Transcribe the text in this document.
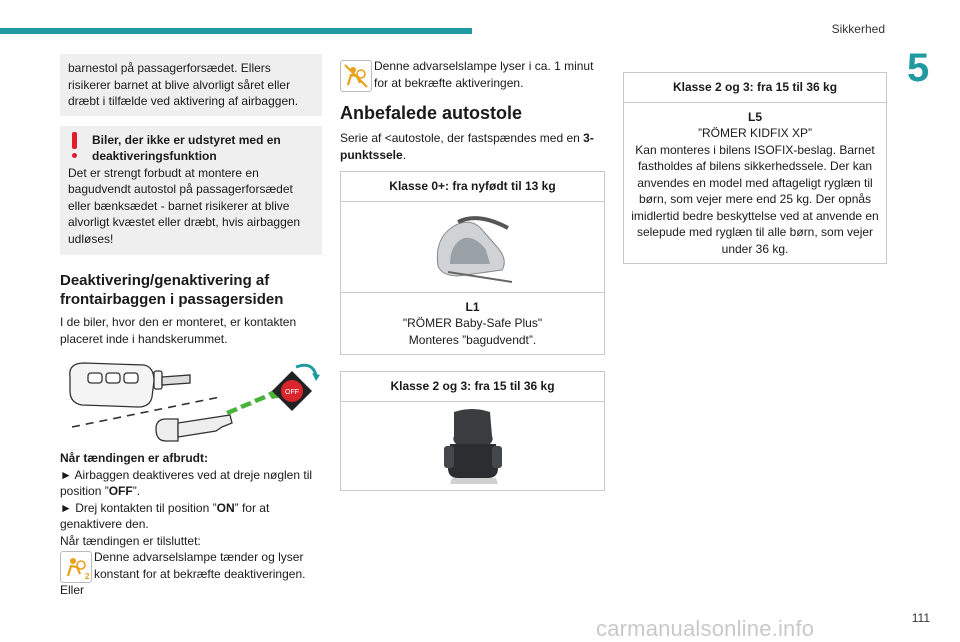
Sikkerhed
5
barnestol på passagerforsædet. Ellers risikerer barnet at blive alvorligt såret eller dræbt i tilfælde ved aktivering af airbaggen.
Biler, der ikke er udstyret med en deaktiveringsfunktion
Det er strengt forbudt at montere en bagudvendt autostol på passagerforsædet eller bænksædet - barnet risikerer at blive alvorligt kvæstet eller dræbt, hvis airbaggen udløses!
Deaktivering/genaktivering af frontairbaggen i passagersiden
I de biler, hvor den er monteret, er kontakten placeret inde i handskerummet.
OFF
Når tændingen er afbrudt:
► Airbaggen deaktiveres ved at dreje nøglen til position ”OFF”.
► Drej kontakten til position ”ON” for at genaktivere den.
Når tændingen er tilsluttet:
2
Denne advarselslampe tænder og lyser konstant for at bekræfte deaktiveringen.
Eller
Denne advarselslampe lyser i ca. 1 minut for at bekræfte aktiveringen.
Anbefalede autostole
Serie af <autostole, der fastspændes med en 3-punktssele.
Klasse 0+: fra nyfødt til 13 kg
L1
"RÖMER Baby-Safe Plus"
Monteres ”bagudvendt”.
Klasse 2 og 3: fra 15 til 36 kg
Klasse 2 og 3: fra 15 til 36 kg
L5
”RÖMER KIDFIX XP”
Kan monteres i bilens ISOFIX-beslag. Barnet fastholdes af bilens sikkerhedssele. Der kan anvendes en model med aftageligt ryglæn til børn, som vejer mere end 25 kg. Der opnås imidlertid bedre beskyttelse ved at anvende en selepude med ryglæn til alle børn, som vejer under 36 kg.
carmanualsonline.info	111
